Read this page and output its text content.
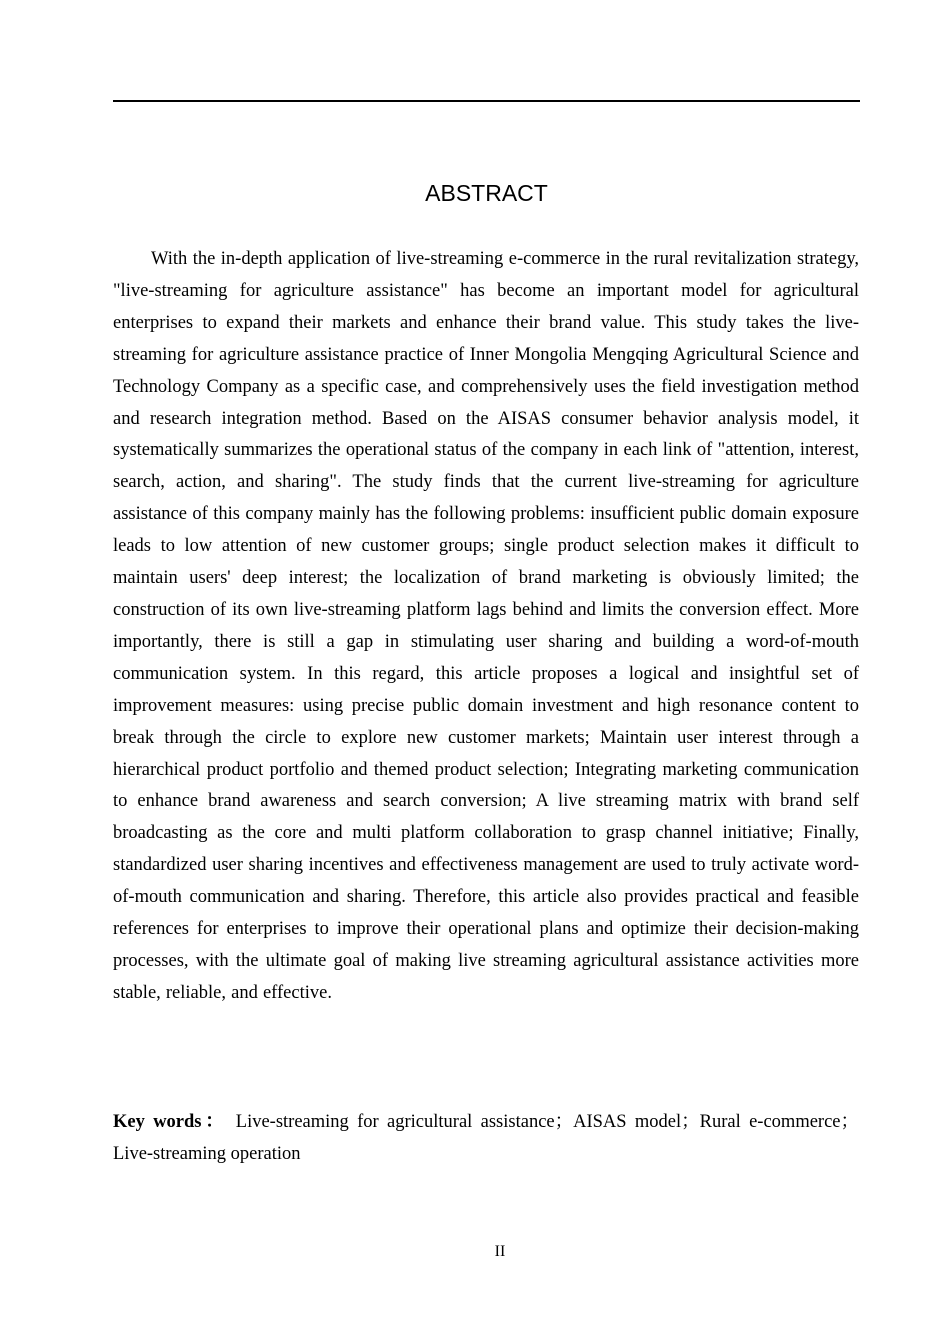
ABSTRACT

With the in-depth application of live-streaming e-commerce in the rural revitalization strategy, "live-streaming for agriculture assistance" has become an important model for agricultural enterprises to expand their markets and enhance their brand value. This study takes the live-streaming for agriculture assistance practice of Inner Mongolia Mengqing Agricultural Science and Technology Company as a specific case, and comprehensively uses the field investigation method and research integration method. Based on the AISAS consumer behavior analysis model, it systematically summarizes the operational status of the company in each link of "attention, interest, search, action, and sharing". The study finds that the current live-streaming for agriculture assistance of this company mainly has the following problems: insufficient public domain exposure leads to low attention of new customer groups; single product selection makes it difficult to maintain users' deep interest; the localization of brand marketing is obviously limited; the construction of its own live-streaming platform lags behind and limits the conversion effect. More importantly, there is still a gap in stimulating user sharing and building a word-of-mouth communication system. In this regard, this article proposes a logical and insightful set of improvement measures: using precise public domain investment and high resonance content to break through the circle to explore new customer markets; Maintain user interest through a hierarchical product portfolio and themed product selection; Integrating marketing communication to enhance brand awareness and search conversion; A live streaming matrix with brand self broadcasting as the core and multi platform collaboration to grasp channel initiative; Finally, standardized user sharing incentives and effectiveness management are used to truly activate word-of-mouth communication and sharing. Therefore, this article also provides practical and feasible references for enterprises to improve their operational plans and optimize their decision-making processes, with the ultimate goal of making live streaming agricultural assistance activities more stable, reliable, and effective.

Key words： Live-streaming for agricultural assistance；AISAS model；Rural e-commerce；Live-streaming operation

II
